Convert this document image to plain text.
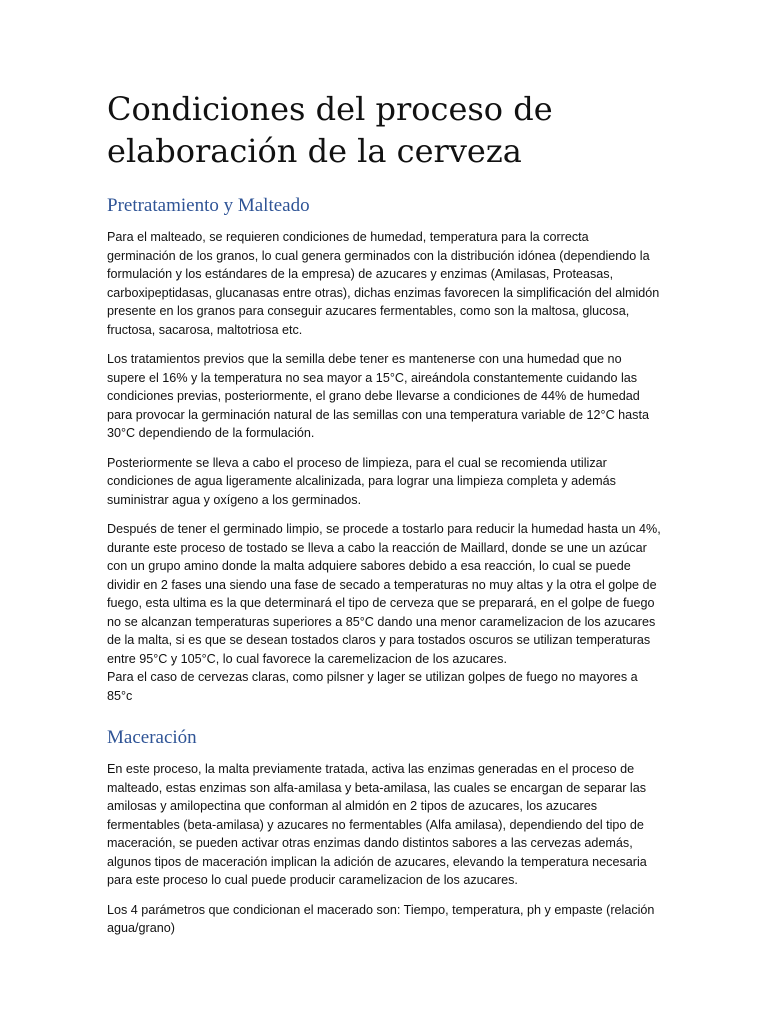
Condiciones del proceso de elaboración de la cerveza
Pretratamiento y Malteado

Para el malteado, se requieren condiciones de humedad, temperatura para la correcta
germinación de los granos, lo cual genera germinados con la distribución idónea (dependiendo la
formulación y los estándares de la empresa) de azucares y enzimas (Amilasas, Proteasas,
carboxipeptidasas, glucanasas entre otras), dichas enzimas favorecen la simplificación del almidón
presente en los granos para conseguir azucares fermentables, como son la maltosa, glucosa,
fructosa, sacarosa, maltotriosa etc.

Los tratamientos previos que la semilla debe tener es mantenerse con una humedad que no
supere el 16% y la temperatura no sea mayor a 15°C, aireándola constantemente cuidando las
condiciones previas, posteriormente, el grano debe llevarse a condiciones de 44% de humedad
para provocar la germinación natural de las semillas con una temperatura variable de 12°C hasta
30°C dependiendo de la formulación.

Posteriormente se lleva a cabo el proceso de limpieza, para el cual se recomienda utilizar
condiciones de agua ligeramente alcalinizada, para lograr una limpieza completa y además
suministrar agua y oxígeno a los germinados.

Después de tener el germinado limpio, se procede a tostarlo para reducir la humedad hasta un 4%,
durante este proceso de tostado se lleva a cabo la reacción de Maillard, donde se une un azúcar
con un grupo amino donde la malta adquiere sabores debido a esa reacción, lo cual se puede
dividir en 2 fases una siendo una fase de secado a temperaturas no muy altas y la otra el golpe de
fuego, esta ultima es la que determinará el tipo de cerveza que se preparará, en el golpe de fuego
no se alcanzan temperaturas superiores a 85°C dando una menor caramelizacion de los azucares
de la malta, si es que se desean tostados claros y para tostados oscuros se utilizan temperaturas
entre 95°C y 105°C, lo cual favorece la caremelizacion de los azucares.
Para el caso de cervezas claras, como pilsner y lager se utilizan golpes de fuego no mayores a 85°c

Maceración

En este proceso, la malta previamente tratada, activa las enzimas generadas en el proceso de
malteado, estas enzimas son alfa-amilasa y beta-amilasa, las cuales se encargan de separar las
amilosas y amilopectina que conforman al almidón en 2 tipos de azucares, los azucares
fermentables (beta-amilasa) y azucares no fermentables (Alfa amilasa), dependiendo del tipo de
maceración, se pueden activar otras enzimas dando distintos sabores a las cervezas además,
algunos tipos de maceración implican la adición de azucares, elevando la temperatura necesaria
para este proceso lo cual puede producir caramelizacion de los azucares.

Los 4 parámetros que condicionan el macerado son: Tiempo, temperatura, ph y empaste (relación
agua/grano)
